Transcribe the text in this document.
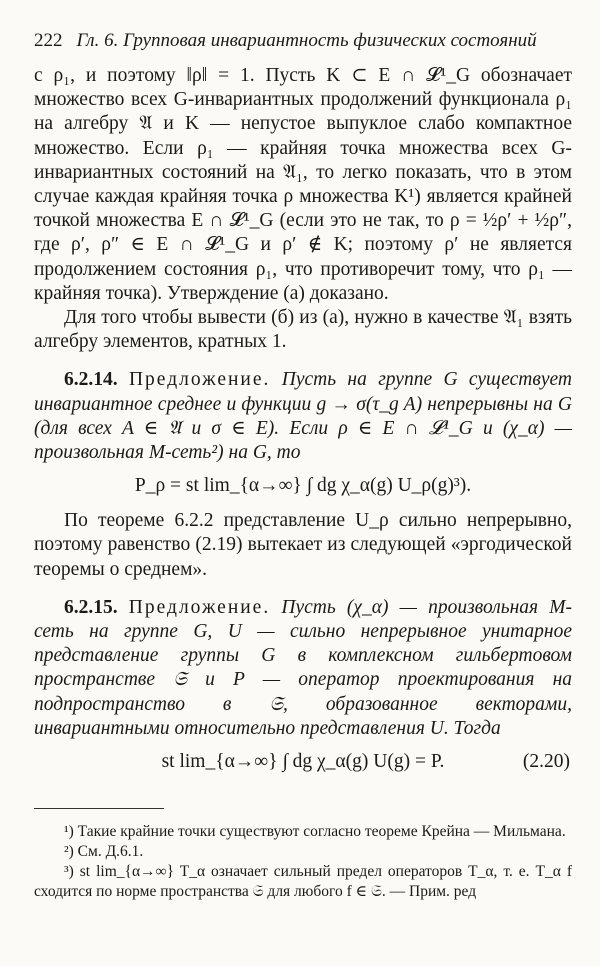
222 Гл. 6. Групповая инвариантность физических состояний

с ρ₁, и поэтому ‖ρ‖ = 1. Пусть K ⊂ E ∩ 𝓛¹_G обозначает множество всех G-инвариантных продолжений функционала ρ₁ на алгебру 𝔄 и K — непустое выпуклое слабо компактное множество. Если ρ₁ — крайняя точка множества всех G-инвариантных состояний на 𝔄₁, то легко показать, что в этом случае каждая крайняя точка ρ множества K¹) является крайней точкой множества E ∩ 𝓛¹_G (если это не так, то ρ = ½ρ′ + ½ρ″, где ρ′, ρ″ ∈ E ∩ 𝓛¹_G и ρ′ ∉ K; поэтому ρ′ не является продолжением состояния ρ₁, что противоречит тому, что ρ₁ — крайняя точка). Утверждение (а) доказано.

Для того чтобы вывести (б) из (а), нужно в качестве 𝔄₁ взять алгебру элементов, кратных 1.

6.2.14. Предложение. Пусть на группе G существует инвариантное среднее и функции g → σ(τ_g A) непрерывны на G (для всех A ∈ 𝔄 и σ ∈ E). Если ρ ∈ E ∩ 𝓛¹_G и (χ_α) — произвольная M-сеть²) на G, то

P_ρ = st lim_{α→∞} ∫ dg χ_α(g) U_ρ(g)³).

По теореме 6.2.2 представление U_ρ сильно непрерывно, поэтому равенство (2.19) вытекает из следующей «эргодической теоремы о среднем».

6.2.15. Предложение. Пусть (χ_α) — произвольная M-сеть на группе G, U — сильно непрерывное унитарное представление группы G в комплексном гильбертовом пространстве 𝔖 и P — оператор проектирования на подпространство в 𝔖, образованное векторами, инвариантными относительно представления U. Тогда

st lim_{α→∞} ∫ dg χ_α(g) U(g) = P.	(2.20)

¹) Такие крайние точки существуют согласно теореме Крейна — Мильмана.

²) См. Д.6.1.

³) st lim_{α→∞} T_α означает сильный предел операторов T_α, т. е. T_α f сходится по норме пространства 𝔖 для любого f ∈ 𝔖. — Прим. ред
